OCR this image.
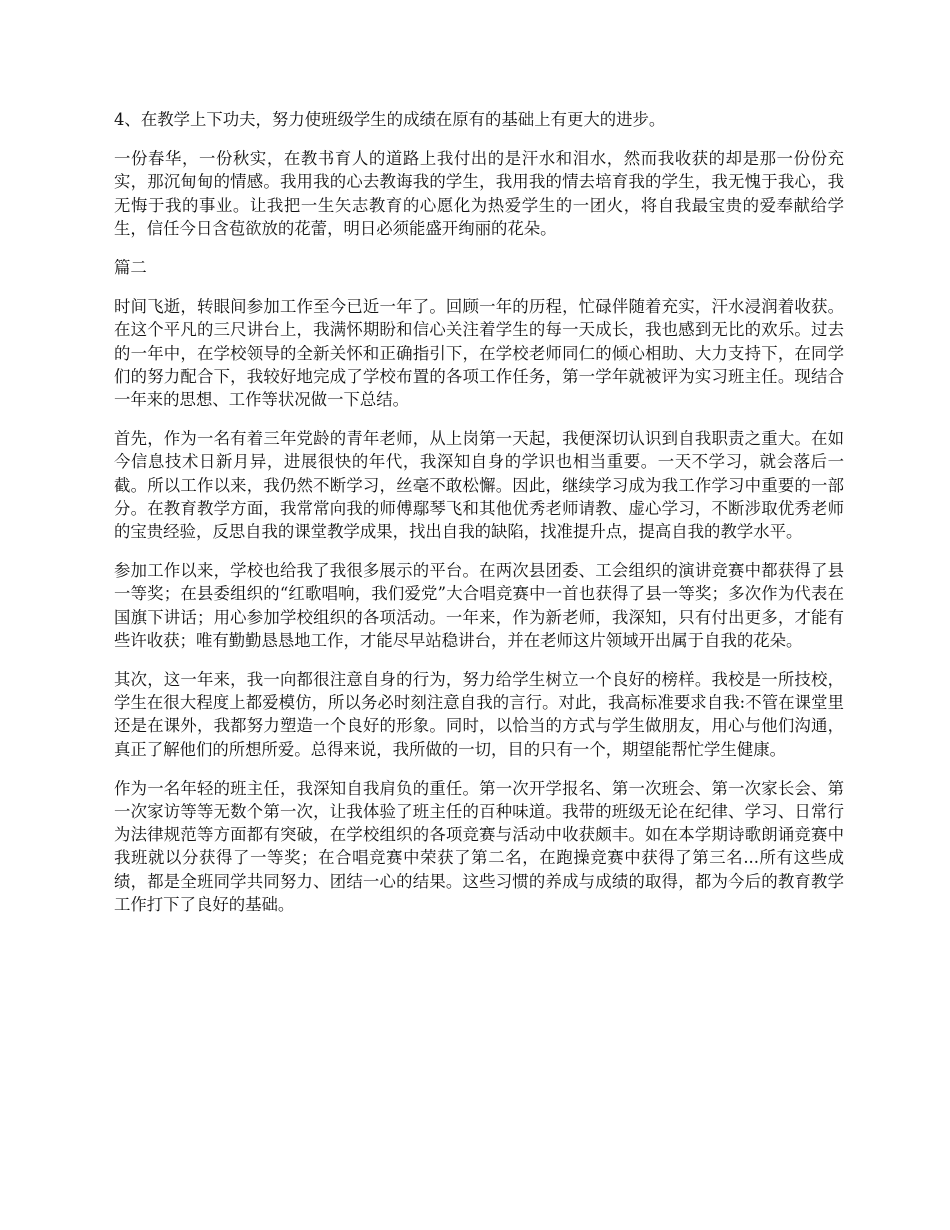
4、在教学上下功夫，努力使班级学生的成绩在原有的基础上有更大的进步。

一份春华，一份秋实，在教书育人的道路上我付出的是汗水和泪水，然而我收获的却是那一份份充实，那沉甸甸的情感。我用我的心去教诲我的学生，我用我的情去培育我的学生，我无愧于我心，我无悔于我的事业。让我把一生矢志教育的心愿化为热爱学生的一团火，将自我最宝贵的爱奉献给学生，信任今日含苞欲放的花蕾，明日必须能盛开绚丽的花朵。

篇二

时间飞逝，转眼间参加工作至今已近一年了。回顾一年的历程，忙碌伴随着充实，汗水浸润着收获。在这个平凡的三尺讲台上，我满怀期盼和信心关注着学生的每一天成长，我也感到无比的欢乐。过去的一年中，在学校领导的全新关怀和正确指引下，在学校老师同仁的倾心相助、大力支持下，在同学们的努力配合下，我较好地完成了学校布置的各项工作任务，第一学年就被评为实习班主任。现结合一年来的思想、工作等状况做一下总结。

首先，作为一名有着三年党龄的青年老师，从上岗第一天起，我便深切认识到自我职责之重大。在如今信息技术日新月异，进展很快的年代，我深知自身的学识也相当重要。一天不学习，就会落后一截。所以工作以来，我仍然不断学习，丝毫不敢松懈。因此，继续学习成为我工作学习中重要的一部分。在教育教学方面，我常常向我的师傅鄢琴飞和其他优秀老师请教、虚心学习，不断涉取优秀老师的宝贵经验，反思自我的课堂教学成果，找出自我的缺陷，找准提升点，提高自我的教学水平。

参加工作以来，学校也给我了我很多展示的平台。在两次县团委、工会组织的演讲竞赛中都获得了县一等奖；在县委组织的“红歌唱响，我们爱党”大合唱竞赛中一首也获得了县一等奖；多次作为代表在国旗下讲话；用心参加学校组织的各项活动。一年来，作为新老师，我深知，只有付出更多，才能有些许收获；唯有勤勤恳恳地工作，才能尽早站稳讲台，并在老师这片领域开出属于自我的花朵。

其次，这一年来，我一向都很注意自身的行为，努力给学生树立一个良好的榜样。我校是一所技校，学生在很大程度上都爱模仿，所以务必时刻注意自我的言行。对此，我高标准要求自我:不管在课堂里还是在课外，我都努力塑造一个良好的形象。同时，以恰当的方式与学生做朋友，用心与他们沟通，真正了解他们的所想所爱。总得来说，我所做的一切，目的只有一个，期望能帮忙学生健康。

作为一名年轻的班主任，我深知自我肩负的重任。第一次开学报名、第一次班会、第一次家长会、第一次家访等等无数个第一次，让我体验了班主任的百种味道。我带的班级无论在纪律、学习、日常行为法律规范等方面都有突破，在学校组织的各项竞赛与活动中收获颇丰。如在本学期诗歌朗诵竞赛中我班就以分获得了一等奖；在合唱竞赛中荣获了第二名，在跑操竞赛中获得了第三名...所有这些成绩，都是全班同学共同努力、团结一心的结果。这些习惯的养成与成绩的取得，都为今后的教育教学工作打下了良好的基础。
